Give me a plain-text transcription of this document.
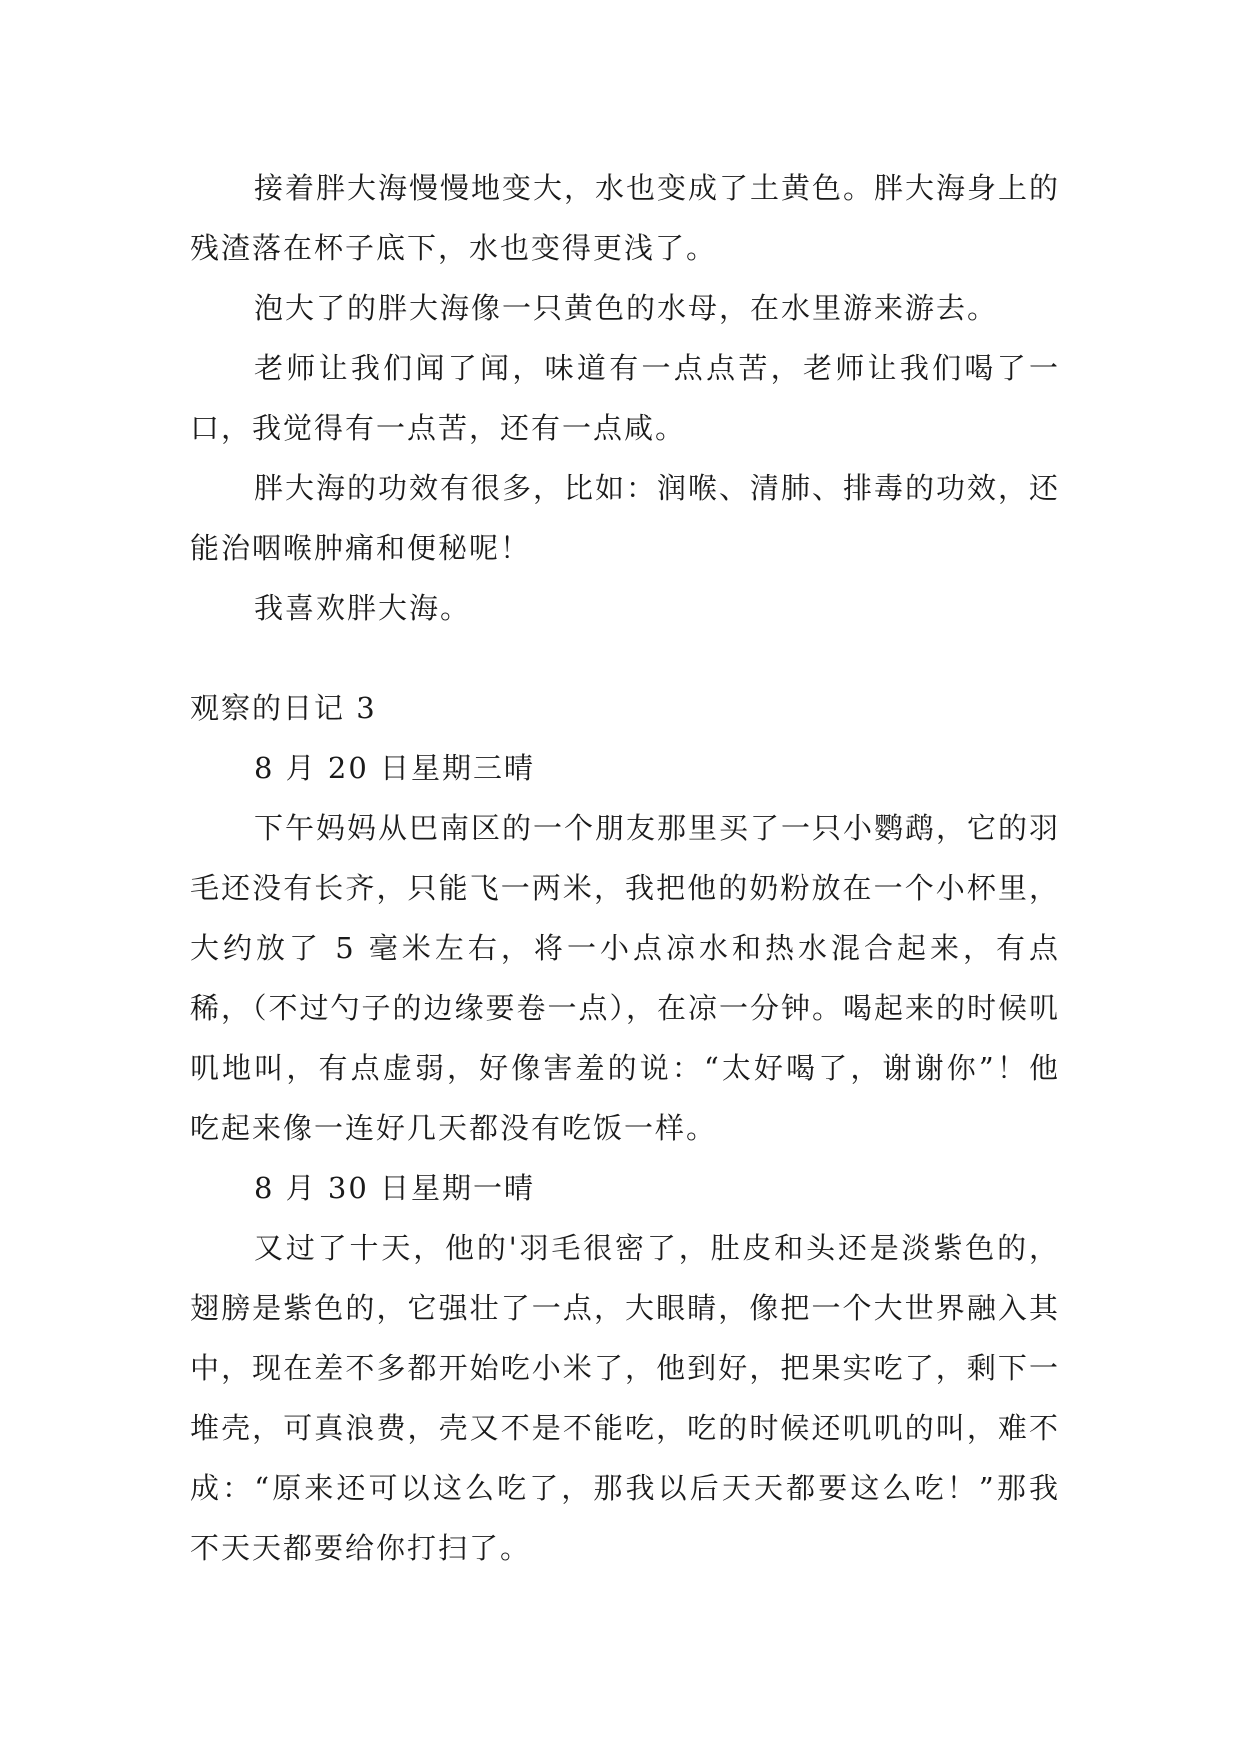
接着胖大海慢慢地变大，水也变成了土黄色。胖大海身上的残渣落在杯子底下，水也变得更浅了。

泡大了的胖大海像一只黄色的水母，在水里游来游去。

老师让我们闻了闻，味道有一点点苦，老师让我们喝了一口，我觉得有一点苦，还有一点咸。

胖大海的功效有很多，比如：润喉、清肺、排毒的功效，还能治咽喉肿痛和便秘呢！

我喜欢胖大海。

观察的日记 3

8 月 20 日星期三晴

下午妈妈从巴南区的一个朋友那里买了一只小鹦鹉，它的羽毛还没有长齐，只能飞一两米，我把他的奶粉放在一个小杯里，大约放了 5 毫米左右，将一小点凉水和热水混合起来，有点稀，（不过勺子的边缘要卷一点），在凉一分钟。喝起来的时候叽叽地叫，有点虚弱，好像害羞的说：“太好喝了，谢谢你”！他吃起来像一连好几天都没有吃饭一样。

8 月 30 日星期一晴

又过了十天，他的'羽毛很密了，肚皮和头还是淡紫色的，翅膀是紫色的，它强壮了一点，大眼睛，像把一个大世界融入其中，现在差不多都开始吃小米了，他到好，把果实吃了，剩下一堆壳，可真浪费，壳又不是不能吃，吃的时候还叽叽的叫，难不成：“原来还可以这么吃了，那我以后天天都要这么吃！”那我不天天都要给你打扫了。
